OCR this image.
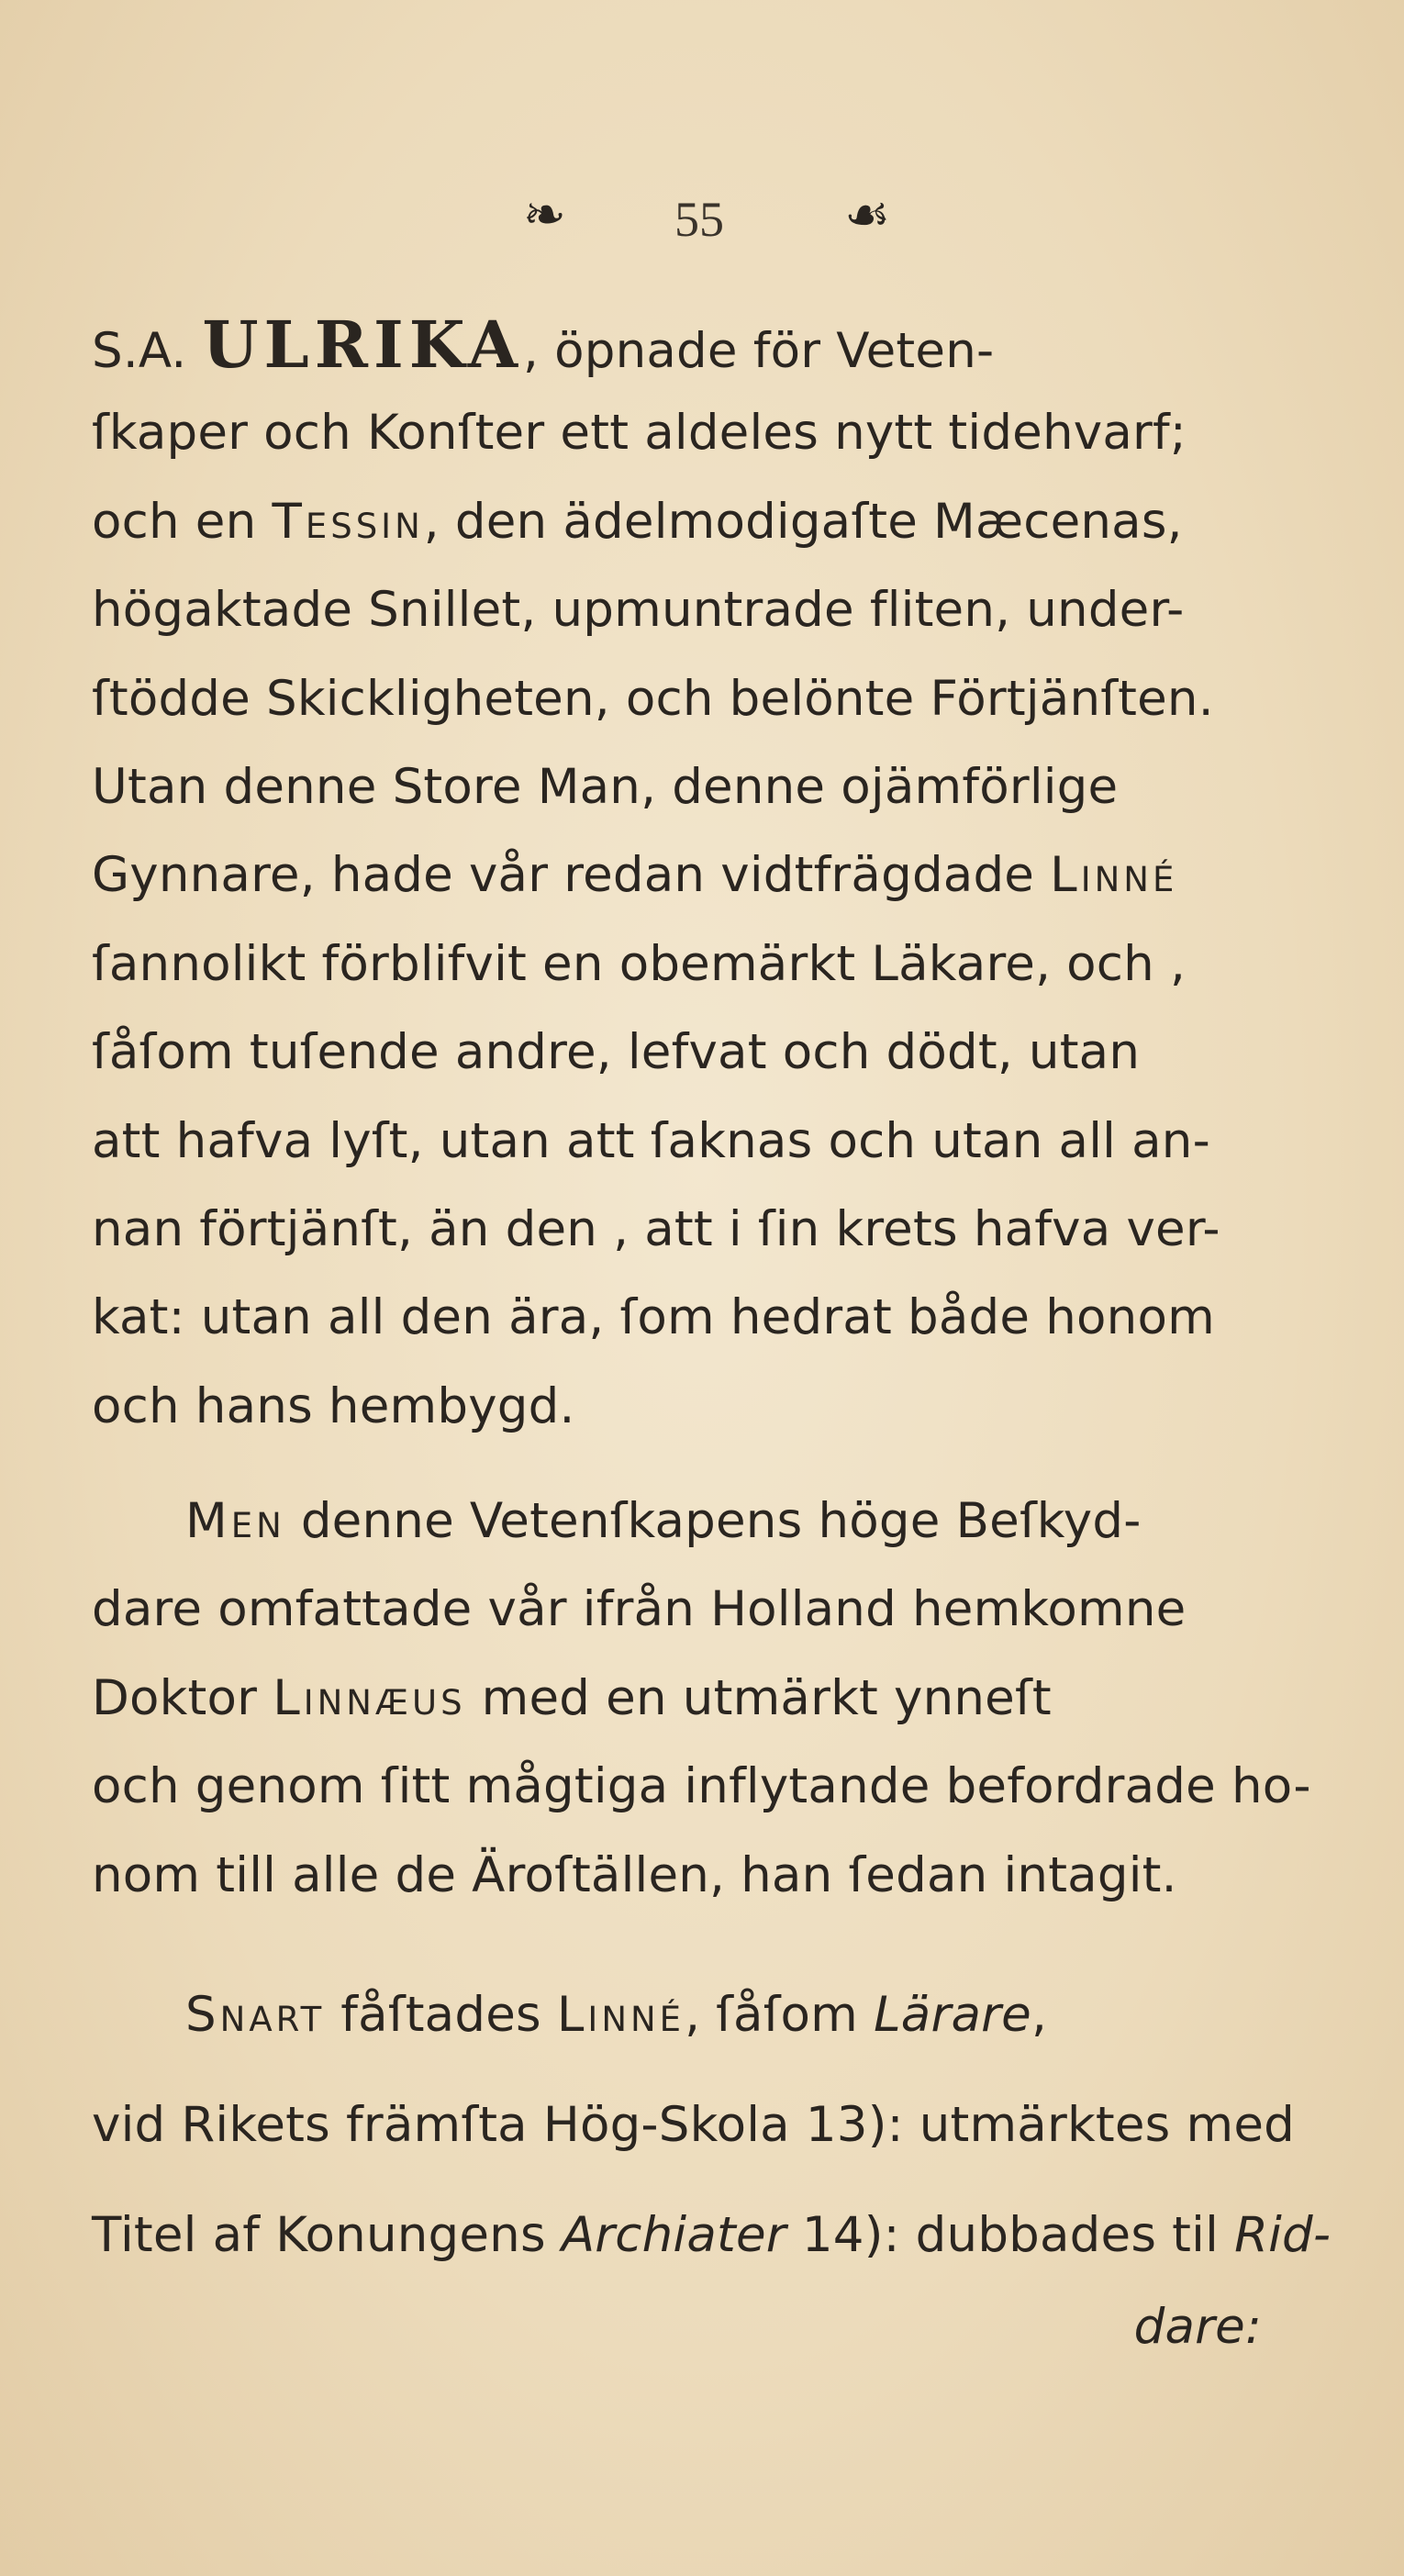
❧ 55 ☙
S.A. ULRIKA, öpnade för Veten-
ſkaper och Konſter ett aldeles nytt tidehvarf;
och en Tessin, den ädelmodigaſte Mæcenas,
högaktade Snillet, upmuntrade fliten, under-
ſtödde Skickligheten, och belönte Förtjänſten.
Utan denne Store Man, denne ojämförlige
Gynnare, hade vår redan vidtfrägdade Linné
ſannolikt förblifvit en obemärkt Läkare, och ,
ſåſom tuſende andre, lefvat och dödt, utan
att hafva lyſt, utan att ſaknas och utan all an-
nan förtjänſt, än den , att i ſin krets hafva ver-
kat: utan all den ära, ſom hedrat både honom
och hans hembygd.
Men denne Vetenſkapens höge Beſkyd-
dare omfattade vår ifrån Holland hemkomne
Doktor Linnæus med en utmärkt ynneſt
och genom ſitt mågtiga inflytande befordrade ho-
nom till alle de Äroſtällen, han ſedan intagit.
Snart fåſtades Linné, ſåſom Lärare,
vid Rikets främſta Hög-Skola 13): utmärktes med
Titel af Konungens Archiater 14): dubbades til Rid-
dare:
